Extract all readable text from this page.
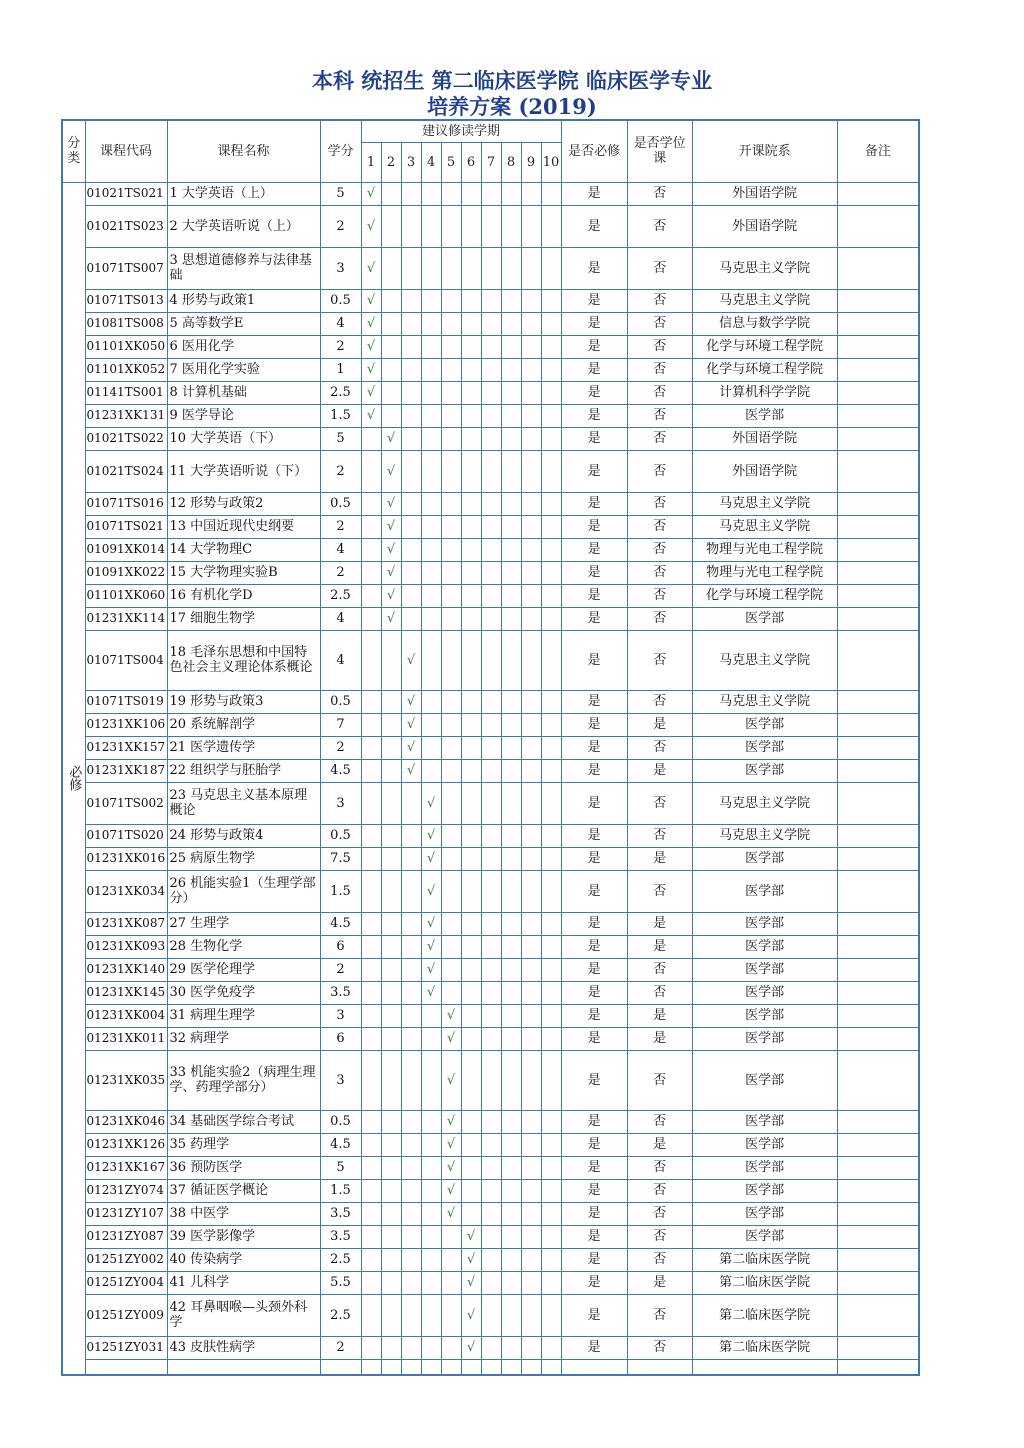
本科 统招生 第二临床医学院 临床医学专业
培养方案 (2019)
分类	课程代码	课程名称	学分	建议修读学期										是否必修	是否学位课	开课院系	备注
				1	2	3	4	5	6	7	8	9	10				
必修	01021TS021	1 大学英语（上）	5	√										是	否	外国语学院	
	01021TS023	2 大学英语听说（上）	2	√										是	否	外国语学院	
	01071TS007	3 思想道德修养与法律基础	3	√										是	否	马克思主义学院	
	01071TS013	4 形势与政策1	0.5	√										是	否	马克思主义学院	
	01081TS008	5 高等数学E	4	√										是	否	信息与数学学院	
	01101XK050	6 医用化学	2	√										是	否	化学与环境工程学院	
	01101XK052	7 医用化学实验	1	√										是	否	化学与环境工程学院	
	01141TS001	8 计算机基础	2.5	√										是	否	计算机科学学院	
	01231XK131	9 医学导论	1.5	√										是	否	医学部	
	01021TS022	10 大学英语（下）	5		√									是	否	外国语学院	
	01021TS024	11 大学英语听说（下）	2		√									是	否	外国语学院	
	01071TS016	12 形势与政策2	0.5		√									是	否	马克思主义学院	
	01071TS021	13 中国近现代史纲要	2		√									是	否	马克思主义学院	
	01091XK014	14 大学物理C	4		√									是	否	物理与光电工程学院	
	01091XK022	15 大学物理实验B	2		√									是	否	物理与光电工程学院	
	01101XK060	16 有机化学D	2.5		√									是	否	化学与环境工程学院	
	01231XK114	17 细胞生物学	4		√									是	否	医学部	
	01071TS004	18 毛泽东思想和中国特色社会主义理论体系概论	4			√								是	否	马克思主义学院	
	01071TS019	19 形势与政策3	0.5			√								是	否	马克思主义学院	
	01231XK106	20 系统解剖学	7			√								是	是	医学部	
	01231XK157	21 医学遗传学	2			√								是	否	医学部	
	01231XK187	22 组织学与胚胎学	4.5			√								是	是	医学部	
	01071TS002	23 马克思主义基本原理概论	3				√							是	否	马克思主义学院	
	01071TS020	24 形势与政策4	0.5				√							是	否	马克思主义学院	
	01231XK016	25 病原生物学	7.5				√							是	是	医学部	
	01231XK034	26 机能实验1（生理学部分）	1.5				√							是	否	医学部	
	01231XK087	27 生理学	4.5				√							是	是	医学部	
	01231XK093	28 生物化学	6				√							是	是	医学部	
	01231XK140	29 医学伦理学	2				√							是	否	医学部	
	01231XK145	30 医学免疫学	3.5				√							是	否	医学部	
	01231XK004	31 病理生理学	3					√						是	是	医学部	
	01231XK011	32 病理学	6					√						是	是	医学部	
	01231XK035	33 机能实验2（病理生理学、药理学部分）	3					√						是	否	医学部	
	01231XK046	34 基础医学综合考试	0.5					√						是	否	医学部	
	01231XK126	35 药理学	4.5					√						是	是	医学部	
	01231XK167	36 预防医学	5					√						是	否	医学部	
	01231ZY074	37 循证医学概论	1.5					√						是	否	医学部	
	01231ZY107	38 中医学	3.5					√						是	否	医学部	
	01231ZY087	39 医学影像学	3.5						√					是	否	医学部	
	01251ZY002	40 传染病学	2.5						√					是	否	第二临床医学院	
	01251ZY004	41 儿科学	5.5						√					是	是	第二临床医学院	
	01251ZY009	42 耳鼻咽喉—头颈外科学	2.5						√					是	否	第二临床医学院	
	01251ZY031	43 皮肤性病学	2						√					是	否	第二临床医学院	
